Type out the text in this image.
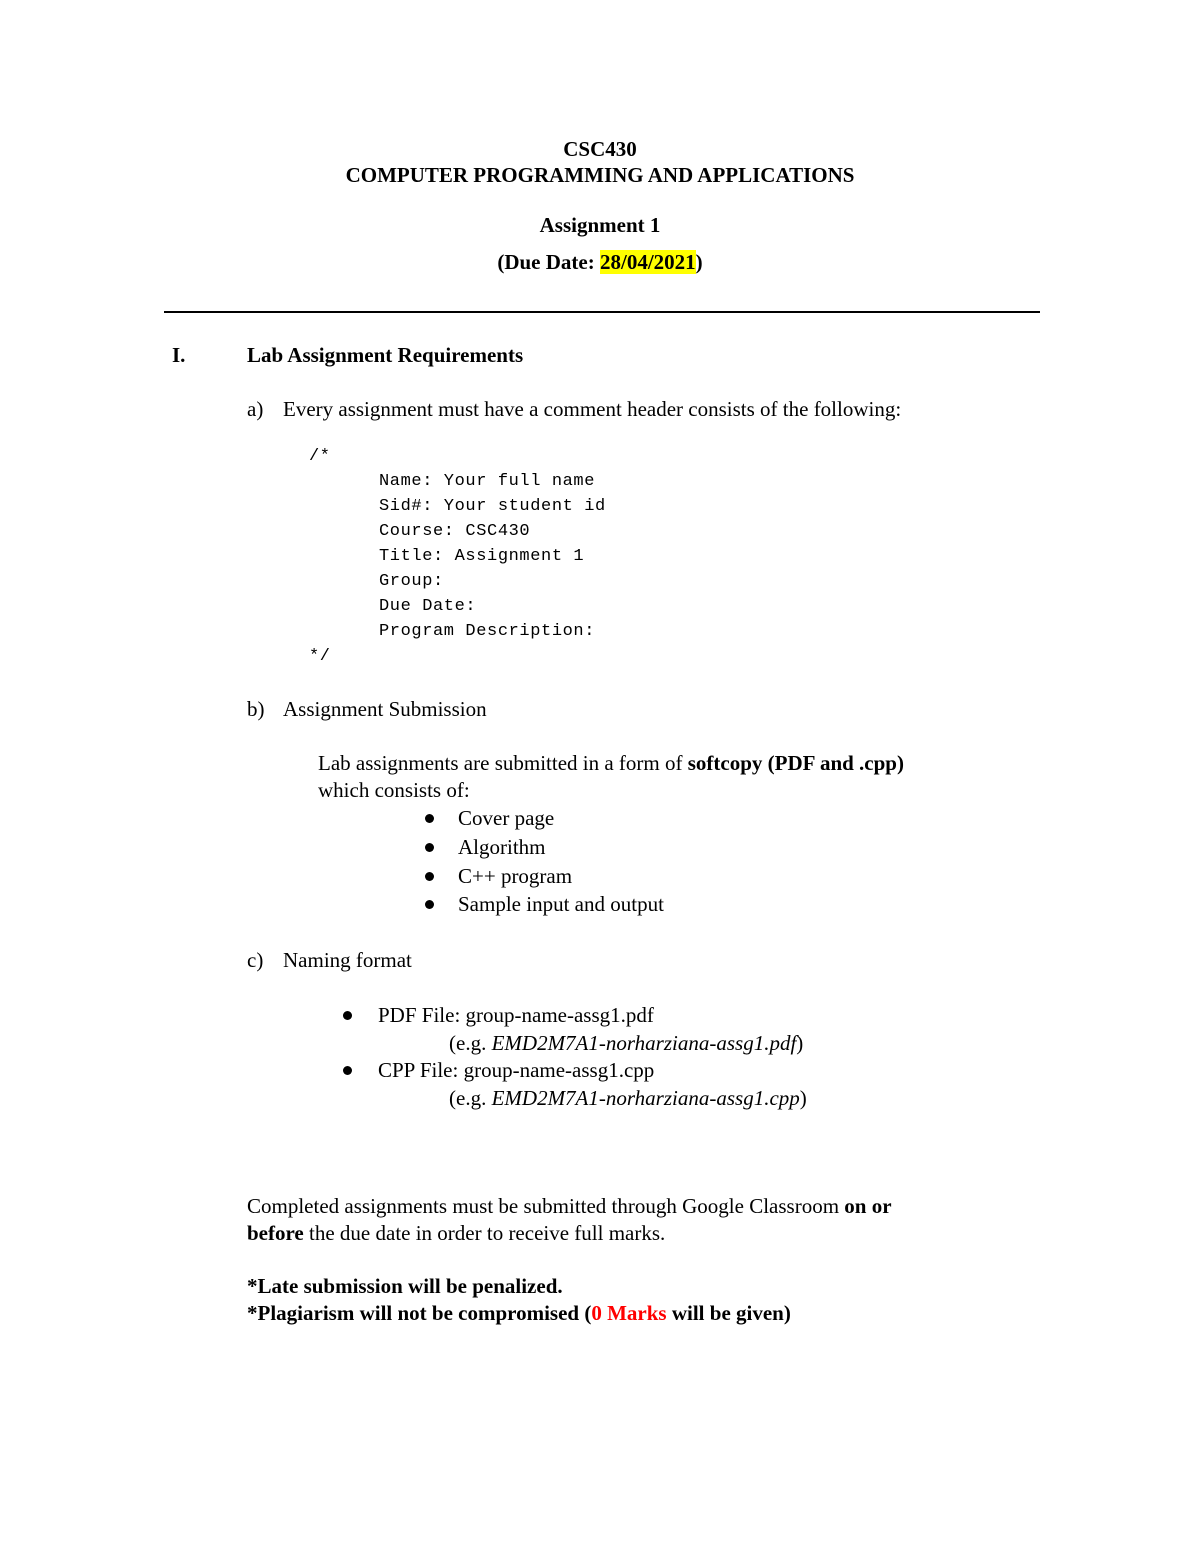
CSC430
COMPUTER PROGRAMMING AND APPLICATIONS
Assignment 1
(Due Date: 28/04/2021)
I.	Lab Assignment Requirements
a) Every assignment must have a comment header consists of the following:
/*
Name: Your full name
Sid#: Your student id
Course: CSC430
Title: Assignment 1
Group:
Due Date:
Program Description:
*/
b) Assignment Submission
Lab assignments are submitted in a form of softcopy (PDF and .cpp)
which consists of:
Cover page
Algorithm
C++ program
Sample input and output
c) Naming format
PDF File: group-name-assg1.pdf
(e.g. EMD2M7A1-norharziana-assg1.pdf)
CPP File: group-name-assg1.cpp
(e.g. EMD2M7A1-norharziana-assg1.cpp)
Completed assignments must be submitted through Google Classroom on or
before the due date in order to receive full marks.
*Late submission will be penalized.
*Plagiarism will not be compromised (0 Marks will be given)
